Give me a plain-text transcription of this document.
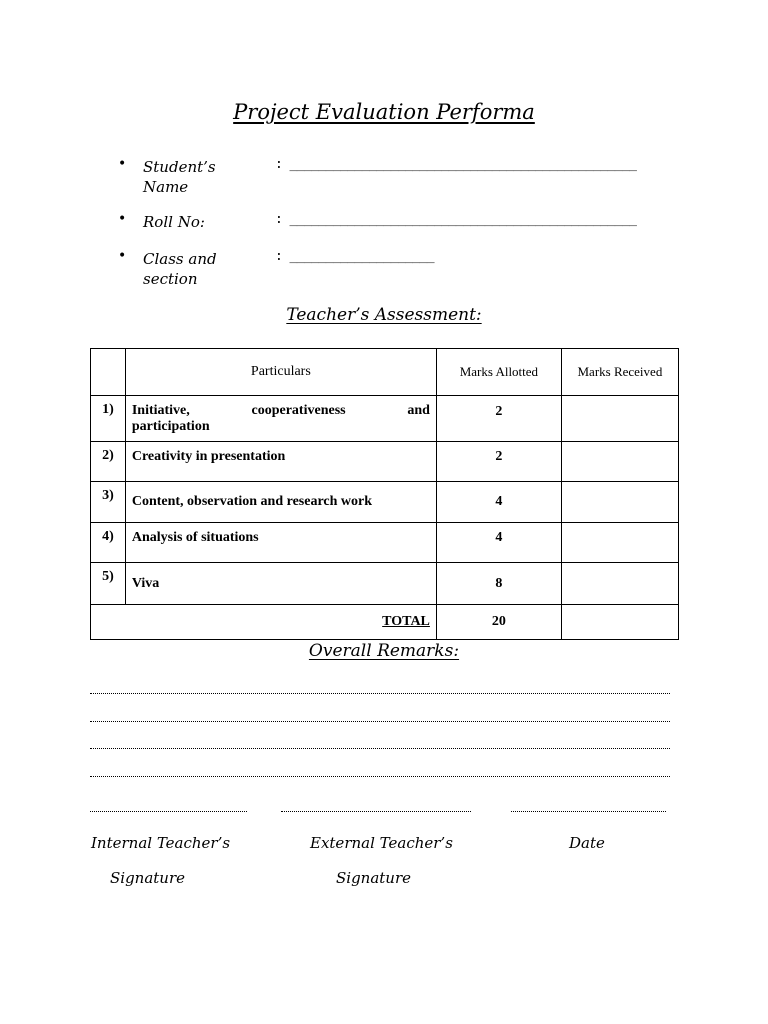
Project Evaluation Performa
• Student’s
Name
: ________________________________________________
• Roll No:	: ________________________________________________
• Class and
section
: ____________________
Teacher’s Assessment:
	Particulars	Marks Allotted	Marks Received
1)	Initiative, cooperativeness and
participation	2	
2)	Creativity in presentation	2	
3)	Content, observation and research work	4	
4)	Analysis of situations	4	
5)	Viva	8	
TOTAL		20	
Overall Remarks:
Internal Teacher’s	External Teacher’s	Date
Signature	Signature
